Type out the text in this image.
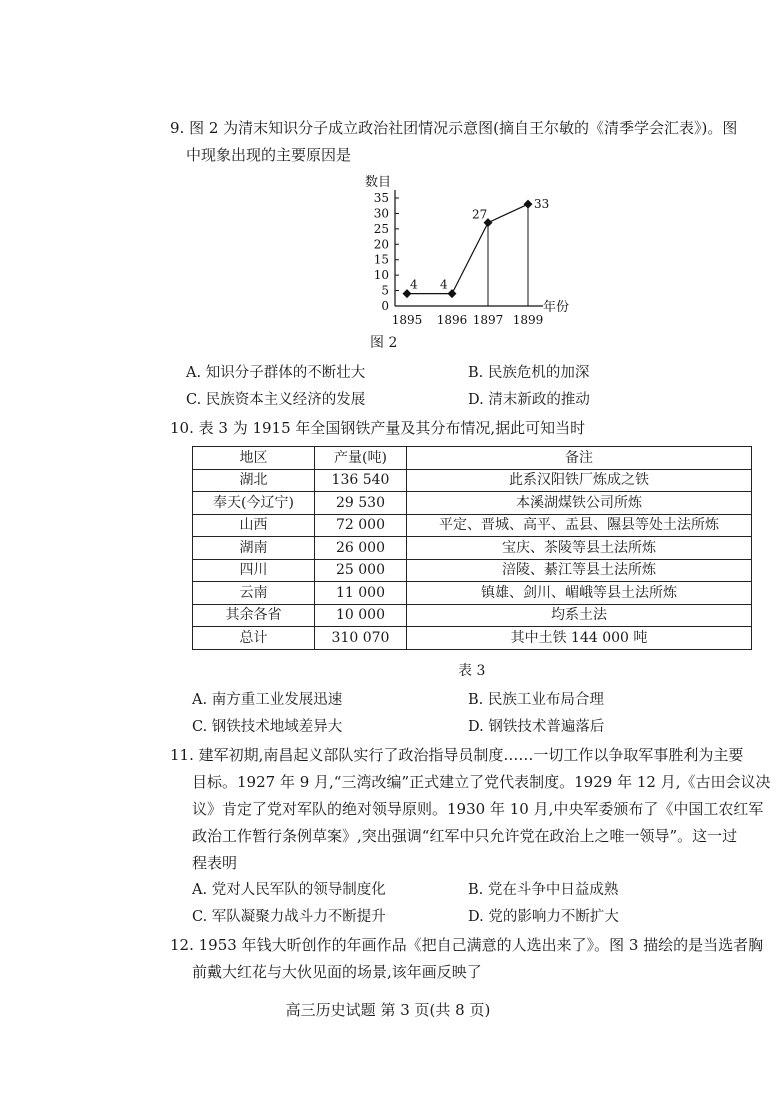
9. 图 2 为清末知识分子成立政治社团情况示意图(摘自王尔敏的《清季学会汇表》)。图
中现象出现的主要原因是
数目
年份
0
5
10
15
20
25
30
35
1895 1896 1897 1899
4 4
27
33
图 2
A. 知识分子群体的不断壮大	B. 民族危机的加深
C. 民族资本主义经济的发展	D. 清末新政的推动
10. 表 3 为 1915 年全国钢铁产量及其分布情况,据此可知当时
地区	产量(吨)	备注
湖北	136 540	此系汉阳铁厂炼成之铁
奉天(今辽宁)	29 530	本溪湖煤铁公司所炼
山西	72 000	平定、晋城、高平、盂县、隰县等处土法所炼
湖南	26 000	宝庆、茶陵等县土法所炼
四川	25 000	涪陵、綦江等县土法所炼
云南	11 000	镇雄、剑川、嵋峨等县土法所炼
其余各省	10 000	均系土法
总计	310 070	其中土铁 144 000 吨
表 3
A. 南方重工业发展迅速	B. 民族工业布局合理
C. 钢铁技术地域差异大	D. 钢铁技术普遍落后
11. 建军初期,南昌起义部队实行了政治指导员制度……一切工作以争取军事胜利为主要
目标。1927 年 9 月,“三湾改编”正式建立了党代表制度。1929 年 12 月,《古田会议决
议》肯定了党对军队的绝对领导原则。1930 年 10 月,中央军委颁布了《中国工农红军
政治工作暂行条例草案》,突出强调“红军中只允许党在政治上之唯一领导”。这一过
程表明
A. 党对人民军队的领导制度化	B. 党在斗争中日益成熟
C. 军队凝聚力战斗力不断提升	D. 党的影响力不断扩大
12. 1953 年钱大昕创作的年画作品《把自己满意的人选出来了》。图 3 描绘的是当选者胸
前戴大红花与大伙见面的场景,该年画反映了
高三历史试题 第 3 页(共 8 页)
